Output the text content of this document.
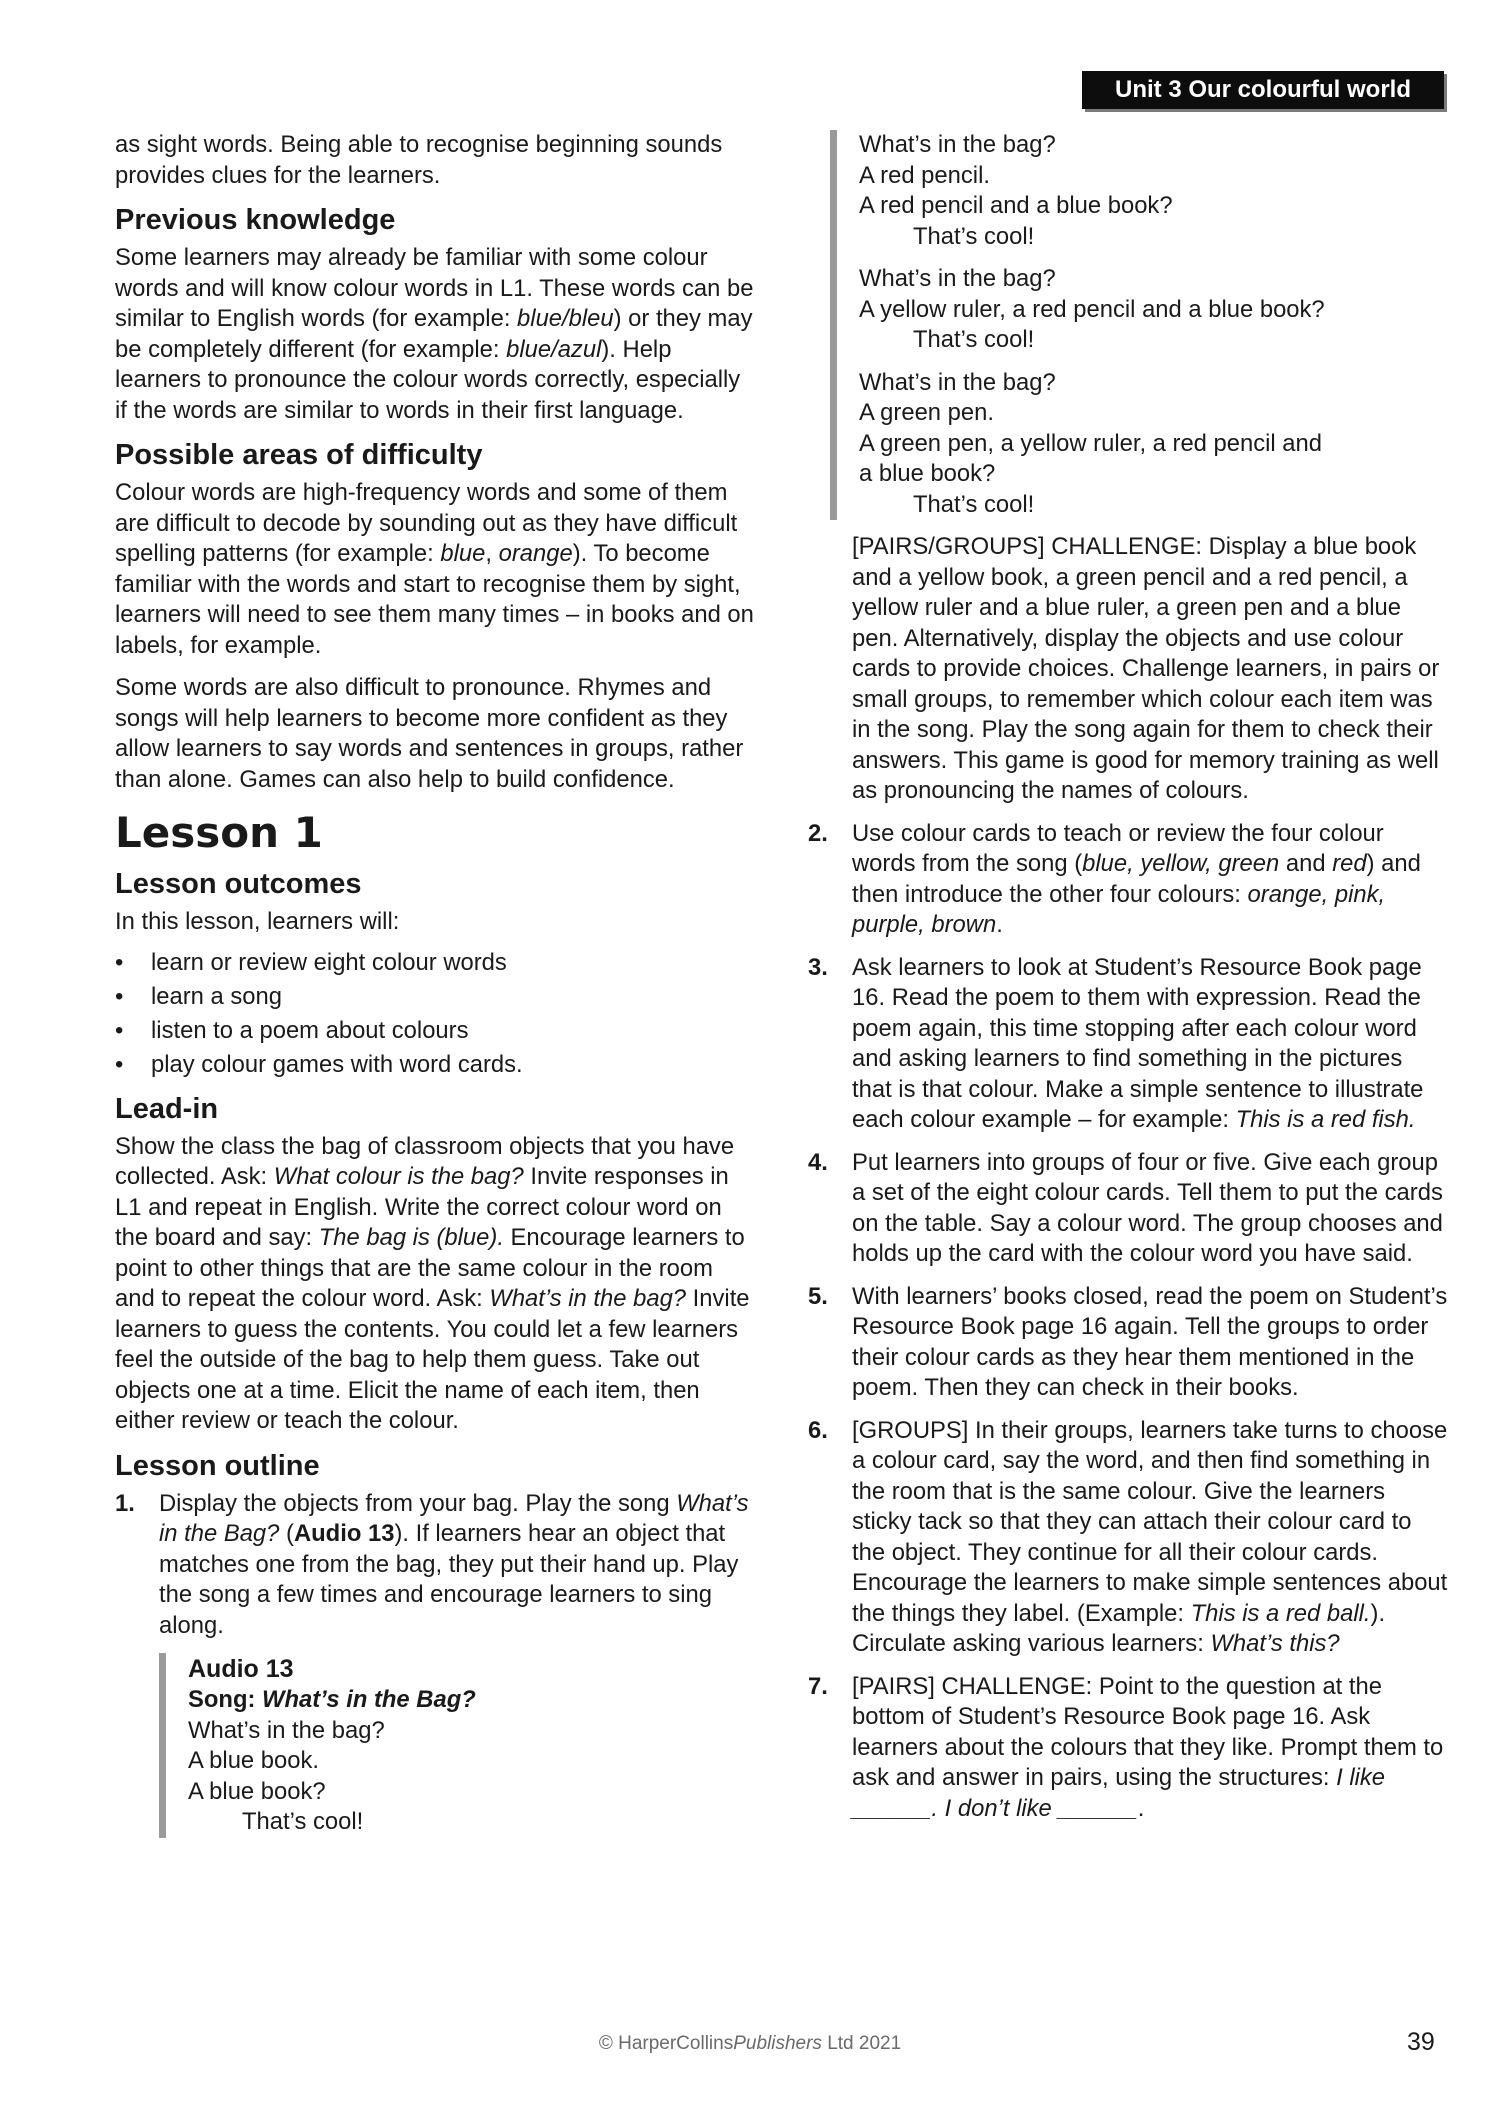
Unit 3 Our colourful world

as sight words. Being able to recognise beginning sounds provides clues for the learners.

Previous knowledge

Some learners may already be familiar with some colour words and will know colour words in L1. These words can be similar to English words (for example: blue/bleu) or they may be completely different (for example: blue/azul). Help learners to pronounce the colour words correctly, especially if the words are similar to words in their first language.

Possible areas of difficulty

Colour words are high-frequency words and some of them are difficult to decode by sounding out as they have difficult spelling patterns (for example: blue, orange). To become familiar with the words and start to recognise them by sight, learners will need to see them many times – in books and on labels, for example.

Some words are also difficult to pronounce. Rhymes and songs will help learners to become more confident as they allow learners to say words and sentences in groups, rather than alone. Games can also help to build confidence.

Lesson 1
Lesson outcomes

In this lesson, learners will:

• learn or review eight colour words
• learn a song
• listen to a poem about colours
• play colour games with word cards.
Lead-in

Show the class the bag of classroom objects that you have collected. Ask: What colour is the bag? Invite responses in L1 and repeat in English. Write the correct colour word on the board and say: The bag is (blue). Encourage learners to point to other things that are the same colour in the room and to repeat the colour word. Ask: What’s in the bag? Invite learners to guess the contents. You could let a few learners feel the outside of the bag to help them guess. Take out objects one at a time. Elicit the name of each item, then either review or teach the colour.

Lesson outline
1. Display the objects from your bag. Play the song What’s in the Bag? (Audio 13). If learners hear an object that matches one from the bag, they put their hand up. Play the song a few times and encourage learners to sing along.
Audio 13
Song: What’s in the Bag?
What’s in the bag?
A blue book.
A blue book?
That’s cool!
What’s in the bag?
A red pencil.
A red pencil and a blue book?
That’s cool!
What’s in the bag?
A yellow ruler, a red pencil and a blue book?
That’s cool!
What’s in the bag?
A green pen.
A green pen, a yellow ruler, a red pencil and
a blue book?
That’s cool!

[PAIRS/GROUPS] CHALLENGE: Display a blue book and a yellow book, a green pencil and a red pencil, a yellow ruler and a blue ruler, a green pen and a blue pen. Alternatively, display the objects and use colour cards to provide choices. Challenge learners, in pairs or small groups, to remember which colour each item was in the song. Play the song again for them to check their answers. This game is good for memory training as well as pronouncing the names of colours.

2. Use colour cards to teach or review the four colour words from the song (blue, yellow, green and red) and then introduce the other four colours: orange, pink, purple, brown.
3. Ask learners to look at Student’s Resource Book page 16. Read the poem to them with expression. Read the poem again, this time stopping after each colour word and asking learners to find something in the pictures that is that colour. Make a simple sentence to illustrate each colour example – for example: This is a red fish.
4. Put learners into groups of four or five. Give each group a set of the eight colour cards. Tell them to put the cards on the table. Say a colour word. The group chooses and holds up the card with the colour word you have said.
5. With learners’ books closed, read the poem on Student’s Resource Book page 16 again. Tell the groups to order their colour cards as they hear them mentioned in the poem. Then they can check in their books.
6. [GROUPS] In their groups, learners take turns to choose a colour card, say the word, and then find something in the room that is the same colour. Give the learners sticky tack so that they can attach their colour card to the object. They continue for all their colour cards. Encourage the learners to make simple sentences about the things they label. (Example: This is a red ball.). Circulate asking various learners: What’s this?
7. [PAIRS] CHALLENGE: Point to the question at the bottom of Student’s Resource Book page 16. Ask learners about the colours that they like. Prompt them to ask and answer in pairs, using the structures: I like ______. I don’t like ______.
© HarperCollinsPublishers Ltd 2021	39
